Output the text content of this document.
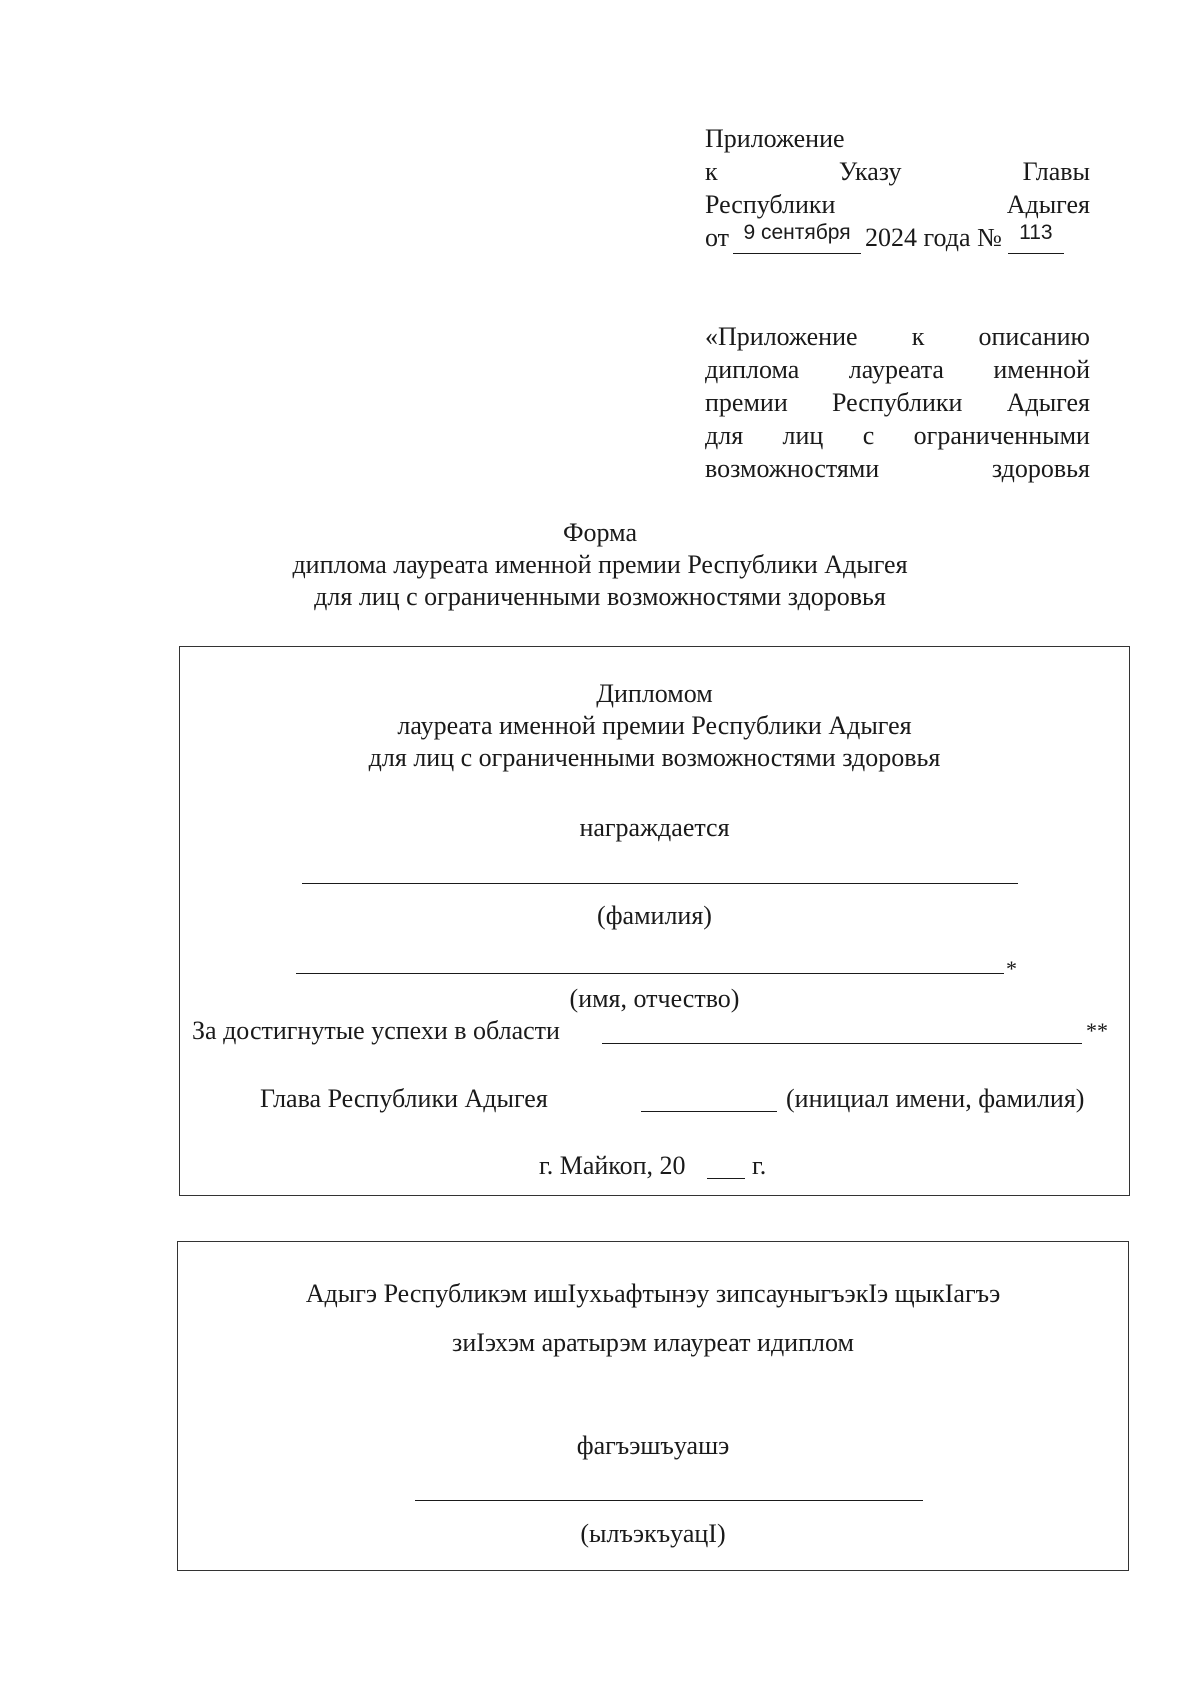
Приложение
к	Указу	Главы
Республики	Адыгея
от 9 сентября 2024 года № 113
«Приложение к описанию
диплома лауреата именной
премии Республики Адыгея
для лиц с ограниченными
возможностями	здоровья
Форма
диплома лауреата именной премии Республики Адыгея
для лиц с ограниченными возможностями здоровья
Дипломом
лауреата именной премии Республики Адыгея
для лиц с ограниченными возможностями здоровья
награждается
(фамилия)
*
(имя, отчество)
За достигнутые успехи в области	**
Глава Республики Адыгея	(инициал имени, фамилия)
г. Майкоп, 20	г.
Адыгэ Республикэм ишIухьафтынэу зипсауныгъэкIэ щыкIагъэ
зиIэхэм аратырэм илауреат идиплом
фагъэшъуашэ
(ылъэкъуацI)
